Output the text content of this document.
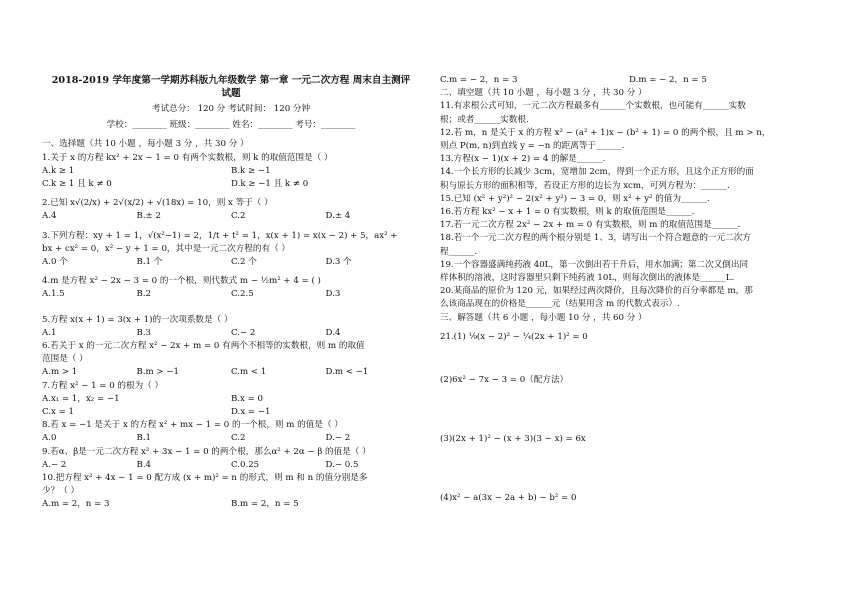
2018-2019 学年度第一学期苏科版九年级数学 第一章 一元二次方程 周末自主测评
试题
考试总分： 120 分 考试时间： 120 分钟
学校：________ 班级：________ 姓名：________ 考号：________
一、选择题（共 10 小题 ，每小题 3 分 ，共 30 分 ）
1.关于 x 的方程 kx² + 2x − 1 = 0 有两个实数根，则 k 的取值范围是（ ）
A.k ≥ 1	B.k ≥ −1
C.k ≥ 1 且 k ≠ 0	D.k ≥ −1 且 k ≠ 0
2.已知 x√(2/x) + 2√(x/2) + √(18x) = 10，则 x 等于（ ）
A.4	B.± 2	C.2	D.± 4
3.下列方程：xy + 1 = 1，√(x²−1) = 2，1/t + t² = 1，x(x + 1) = x(x − 2) + 5，ax² +
bx + cx² = 0，x² − y + 1 = 0，其中是一元二次方程的有（ ）
A.0 个	B.1 个	C.2 个	D.3 个
4.m 是方程 x² − 2x − 3 = 0 的一个根，则代数式 m − ½m² + 4 = ( )
A.1.5	B.2	C.2.5	D.3
5.方程 x(x + 1) = 3(x + 1)的一次项系数是（ ）
A.1	B.3	C.− 2	D.4
6.若关于 x 的一元二次方程 x² − 2x + m = 0 有两个不相等的实数根，则 m 的取值
范围是（ ）
A.m > 1	B.m > −1	C.m < 1	D.m < −1
7.方程 x² − 1 = 0 的根为（ ）
A.x₁ = 1，x₂ = −1	B.x = 0
C.x = 1	D.x = −1
8.若 x = −1 是关于 x 的方程 x² + mx − 1 = 0 的一个根，则 m 的值是（ ）
A.0	B.1	C.2	D.− 2
9.若α、β是一元二次方程 x² + 3x − 1 = 0 的两个根，那么α² + 2α − β 的值是（ ）
A.− 2	B.4	C.0.25	D.− 0.5
10.把方程 x² + 4x − 1 = 0 配方成 (x + m)² = n 的形式，则 m 和 n 的值分别是多
少？（ ）
A.m = 2，n = 3	B.m = 2，n = 5
C.m = − 2，n = 3	D.m = − 2，n = 5
二、填空题（共 10 小题 ，每小题 3 分 ，共 30 分 ）
11.有求根公式可知，一元二次方程最多有______个实数根，也可能有______实数
根；或者______实数根.
12.若 m，n 是关于 x 的方程 x² − (a² + 1)x − (b² + 1) = 0 的两个根，且 m > n，
则点 P(m, n)到直线 y = −n 的距离等于______.
13.方程(x − 1)(x + 2) = 4 的解是______.
14.一个长方形的长减少 3cm，宽增加 2cm，得到一个正方形，且这个正方形的面
积与原长方形的面积相等，若设正方形的边长为 xcm，可列方程为：______.
15.已知 (x² + y²)² − 2(x² + y²) − 3 = 0，则 x² + y² 的值为______.
16.若方程 kx² − x + 1 = 0 有实数根，则 k 的取值范围是______.
17.若一元二次方程 2x² − 2x + m = 0 有实数根，则 m 的取值范围是______.
18.若一个一元二次方程的两个根分别是 1、3，请写出一个符合题意的一元二次方
程______.
19.一个容器盛满纯药液 40L，第一次倒出若干升后，用水加满；第二次又倒出同
样体积的溶液，这时容器里只剩下纯药液 10L，则每次倒出的液体是______L.
20.某商品的原价为 120 元，如果经过两次降价，且每次降价的百分率都是 m，那
么该商品现在的价格是______元（结果用含 m 的代数式表示）.
三、解答题（共 6 小题 ，每小题 10 分 ，共 60 分 ）
21.(1) ⅑(x − 2)² − ¼(2x + 1)² = 0
(2)6x² − 7x − 3 = 0（配方法）
(3)(2x + 1)² − (x + 3)(3 − x) = 6x
(4)x² − a(3x − 2a + b) − b² = 0
